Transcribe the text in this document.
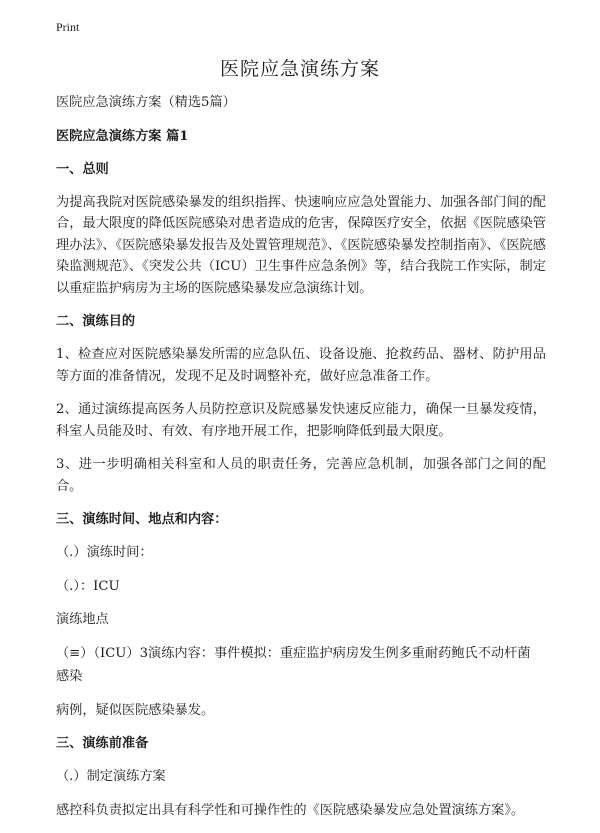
Print
医院应急演练方案

医院应急演练方案（精选5篇）

医院应急演练方案 篇1

一、总则

为提高我院对医院感染暴发的组织指挥、快速响应应急处置能力、加强各部门间的配合，最大限度的降低医院感染对患者造成的危害，保障医疗安全，依据《医院感染管理办法》、《医院感染暴发报告及处置管理规范》、《医院感染暴发控制指南》、《医院感染监测规范》、《突发公共（ICU）卫生事件应急条例》等，结合我院工作实际，制定以重症监护病房为主场的医院感染暴发应急演练计划。

二、演练目的

1、检查应对医院感染暴发所需的应急队伍、设备设施、抢救药品、器材、防护用品等方面的准备情况，发现不足及时调整补充，做好应急准备工作。

2、通过演练提高医务人员防控意识及院感暴发快速反应能力，确保一旦暴发疫情，科室人员能及时、有效、有序地开展工作，把影响降低到最大限度。

3、进一步明确相关科室和人员的职责任务，完善应急机制，加强各部门之间的配合。

三、演练时间、地点和内容：

（.）演练时间：

（.）：ICU

演练地点

（≡）（ICU）3演练内容：事件模拟：重症监护病房发生例多重耐药鲍氏不动杆菌

感染

病例，疑似医院感染暴发。

三、演练前准备

（.）制定演练方案

感控科负责拟定出具有科学性和可操作性的《医院感染暴发应急处置演练方案》。
